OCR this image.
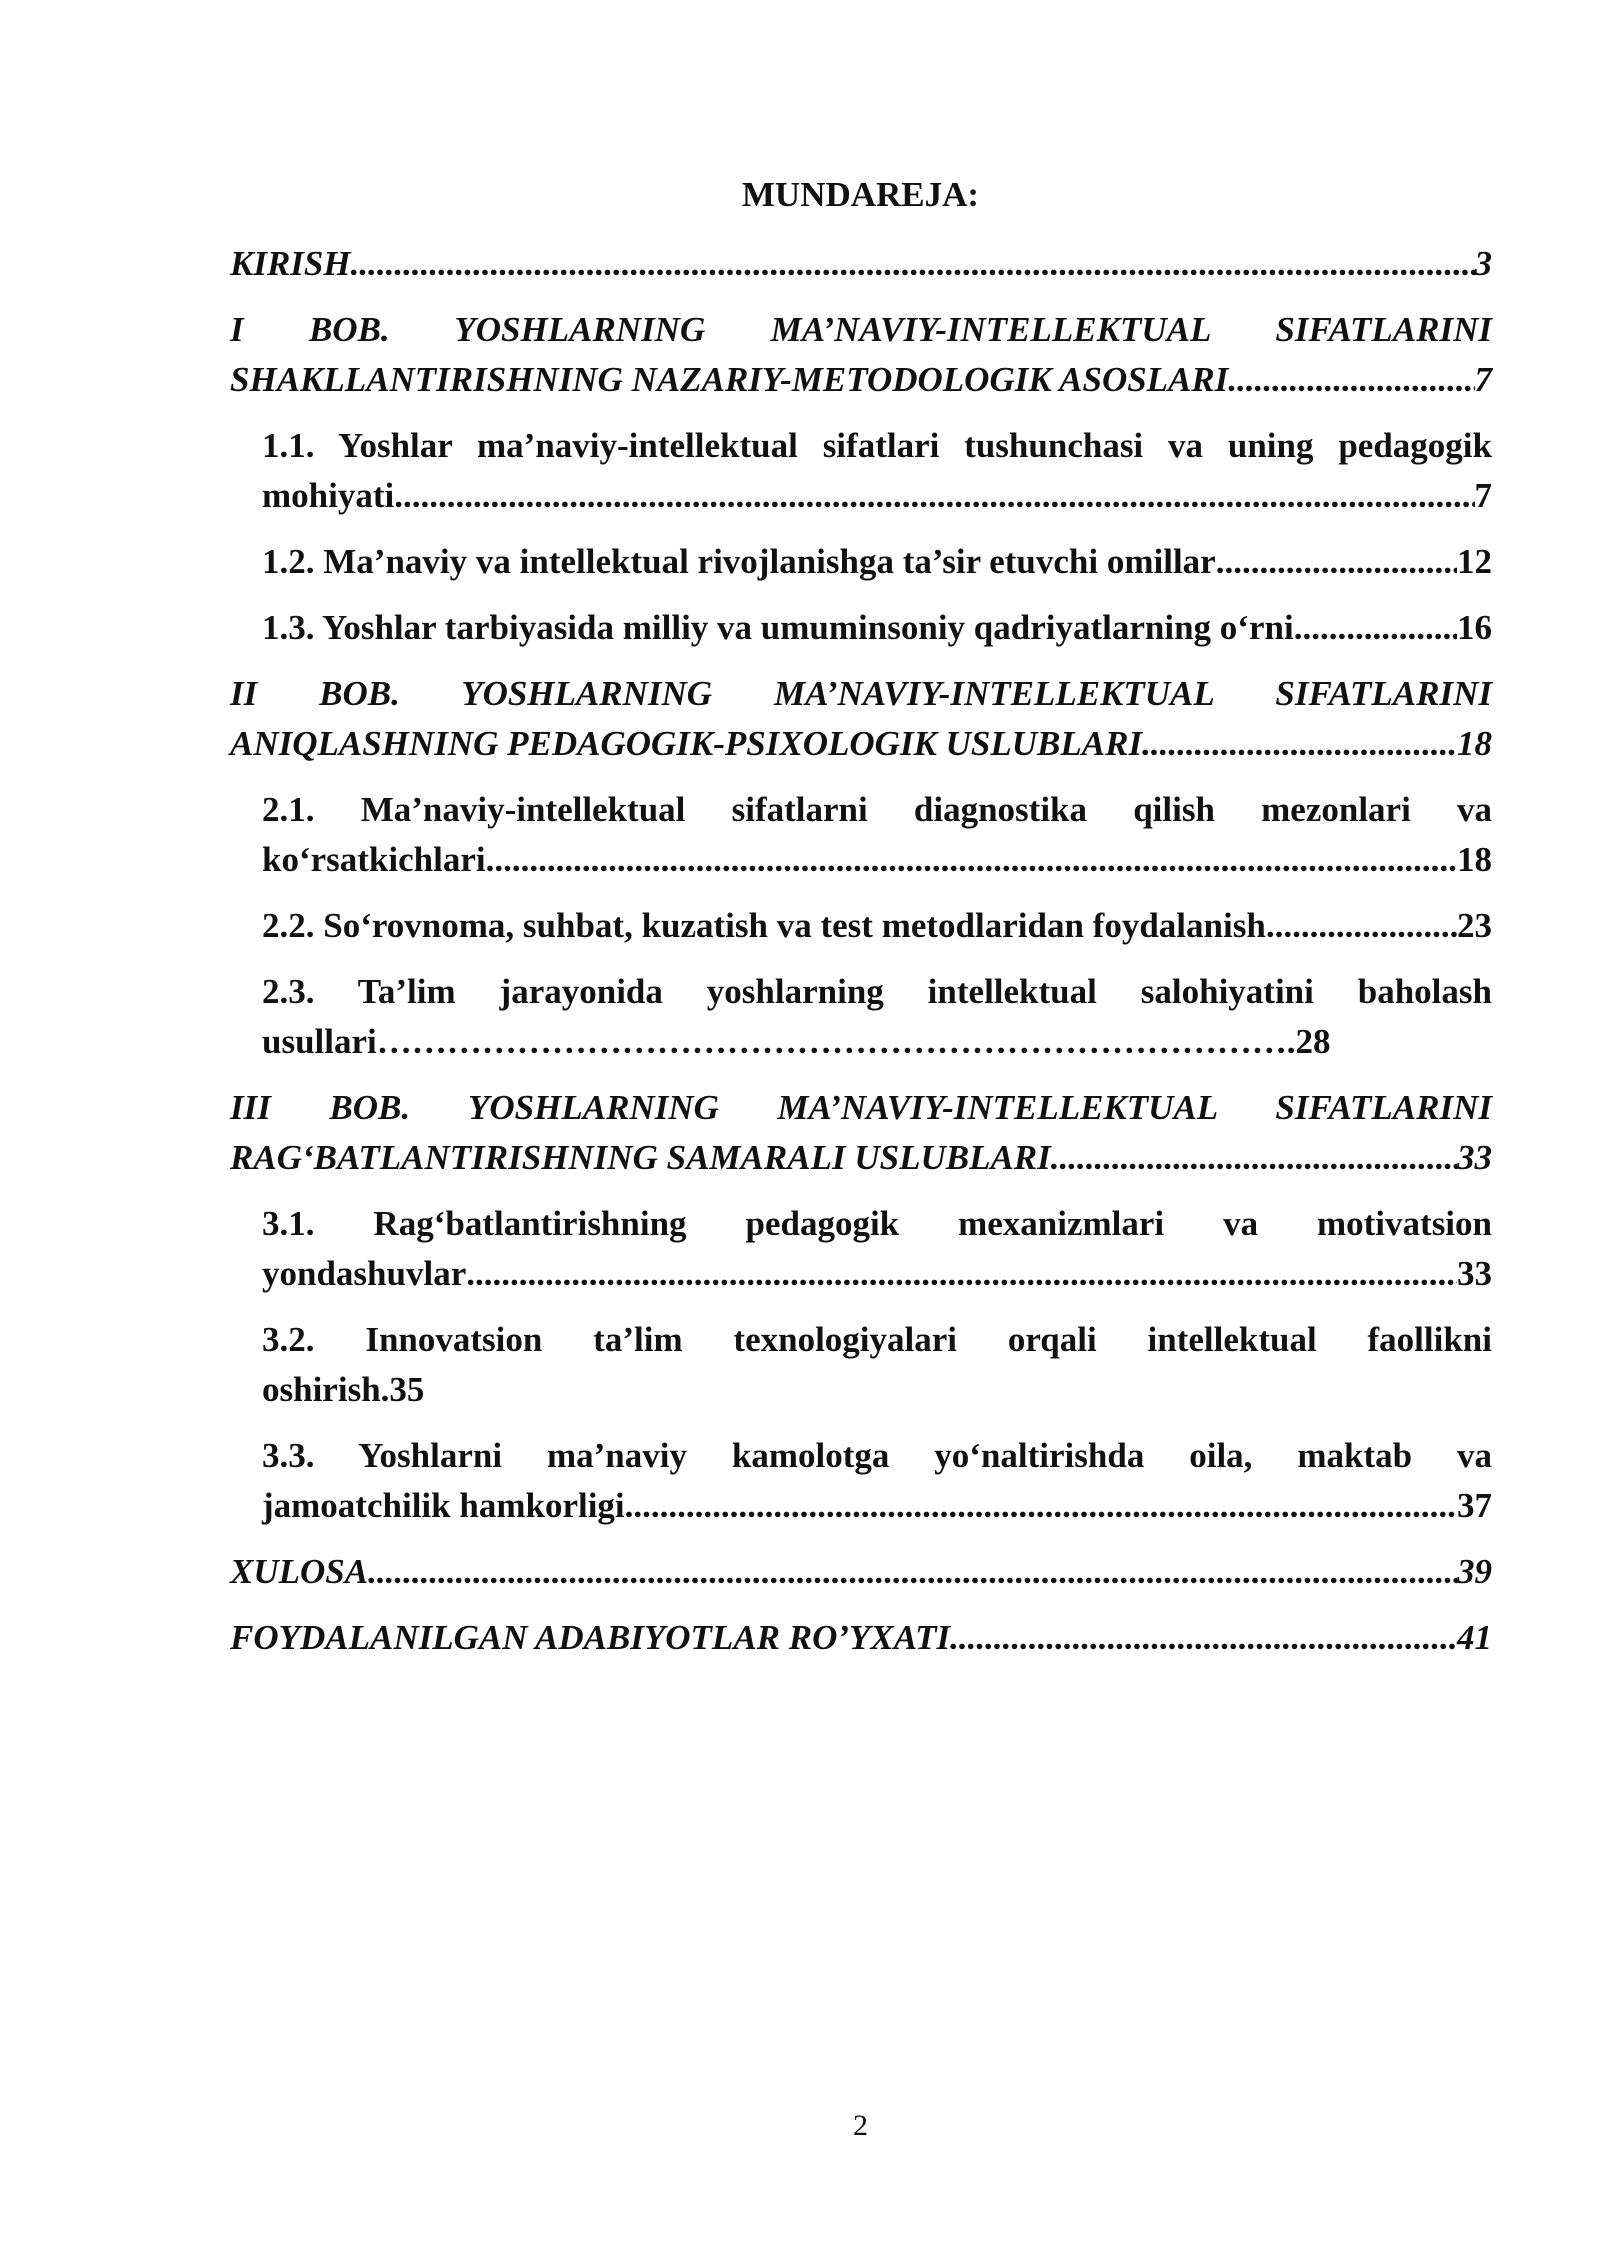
MUNDAREJA:
KIRISH .....	3
I BOB. YOSHLARNING MA’NAVIY-INTELLEKTUAL SIFATLARINI
SHAKLLANTIRISHNING NAZARIY-METODOLOGIK ASOSLARI .....	7
1.1. Yoshlar ma’naviy-intellektual sifatlari tushunchasi va uning pedagogik
mohiyati .....	7
1.2. Ma’naviy va intellektual rivojlanishga ta’sir etuvchi omillar .....	12
1.3. Yoshlar tarbiyasida milliy va umuminsoniy qadriyatlarning o‘rni .....	16
II BOB. YOSHLARNING MA’NAVIY-INTELLEKTUAL SIFATLARINI
ANIQLASHNING PEDAGOGIK-PSIXOLOGIK USLUBLARI .....	18
2.1. Ma’naviy-intellektual sifatlarni diagnostika qilish mezonlari va
ko‘rsatkichlari .....	18
2.2. So‘rovnoma, suhbat, kuzatish va test metodlaridan foydalanish .....	23
2.3. Ta’lim jarayonida yoshlarning intellektual salohiyatini baholash
usullari…………………………………………………………………….28
III BOB. YOSHLARNING MA’NAVIY-INTELLEKTUAL SIFATLARINI
RAG‘BATLANTIRISHNING SAMARALI USLUBLARI .....	33
3.1. Rag‘batlantirishning pedagogik mexanizmlari va motivatsion
yondashuvlar .....	33
3.2. Innovatsion ta’lim texnologiyalari orqali intellektual faollikni
oshirish.35
3.3. Yoshlarni ma’naviy kamolotga yo‘naltirishda oila, maktab va
jamoatchilik hamkorligi .....	37
XULOSA .....	39
FOYDALANILGAN ADABIYOTLAR RO’YXATI .....	41
2
